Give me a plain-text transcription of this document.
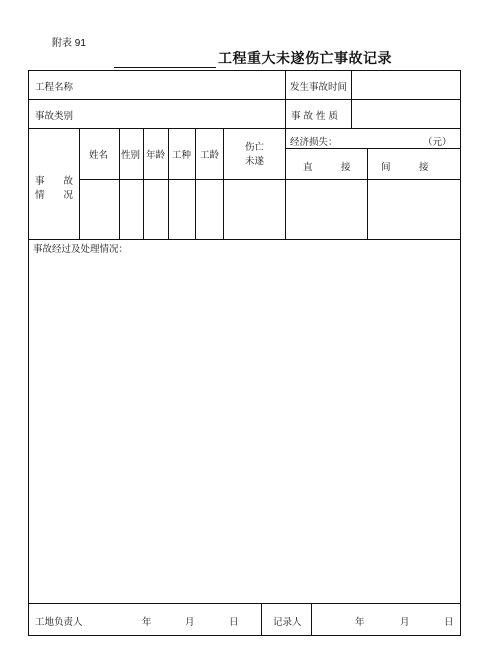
附表 91
工程重大未遂伤亡事故记录
工程名称	发生事故时间
事故类别	事 故 性 质
事　　故
情　　况
姓名 性别 年龄 工种 工龄
伤亡
未遂
经济损失：	（元）
直　　　接	间　　　接
事故经过及处理情况：
工地负责人	年	月	日	记录人	年	月	日
